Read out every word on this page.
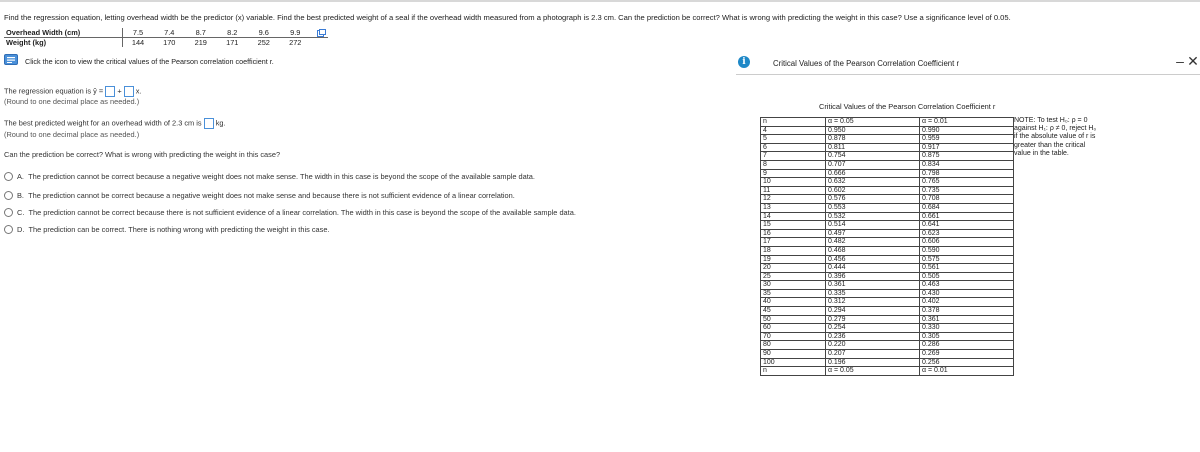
Find the regression equation, letting overhead width be the predictor (x) variable. Find the best predicted weight of a seal if the overhead width measured from a photograph is 2.3 cm. Can the prediction be correct? What is wrong with predicting the weight in this case? Use a significance level of 0.05.
Overhead Width (cm)	7.5	7.4	8.7	8.2	9.6	9.9	
Weight (kg)	144	170	219	171	252	272	
Click the icon to view the critical values of the Pearson correlation coefficient r.
The regression equation is ŷ = + x.
(Round to one decimal place as needed.)
The best predicted weight for an overhead width of 2.3 cm is kg.
(Round to one decimal place as needed.)
Can the prediction be correct? What is wrong with predicting the weight in this case?
A.
The prediction cannot be correct because a negative weight does not make sense. The width in this case is beyond the scope of the available sample data.
B.
The prediction cannot be correct because a negative weight does not make sense and because there is not sufficient evidence of a linear correlation.
C.
The prediction cannot be correct because there is not sufficient evidence of a linear correlation. The width in this case is beyond the scope of the available sample data.
D.
The prediction can be correct. There is nothing wrong with predicting the weight in this case.
i	Critical Values of the Pearson Correlation Coefficient r	– ✕
Critical Values of the Pearson Correlation Coefficient r
n	α = 0.05	α = 0.01
4	0.950	0.990
5	0.878	0.959
6	0.811	0.917
7	0.754	0.875
8	0.707	0.834
9	0.666	0.798
10	0.632	0.765
11	0.602	0.735
12	0.576	0.708
13	0.553	0.684
14	0.532	0.661
15	0.514	0.641
16	0.497	0.623
17	0.482	0.606
18	0.468	0.590
19	0.456	0.575
20	0.444	0.561
25	0.396	0.505
30	0.361	0.463
35	0.335	0.430
40	0.312	0.402
45	0.294	0.378
50	0.279	0.361
60	0.254	0.330
70	0.236	0.305
80	0.220	0.286
90	0.207	0.269
100	0.196	0.256
n	α = 0.05	α = 0.01
NOTE: To test H₀: ρ = 0
against H₁: ρ ≠ 0, reject H₀
if the absolute value of r is
greater than the critical
value in the table.
